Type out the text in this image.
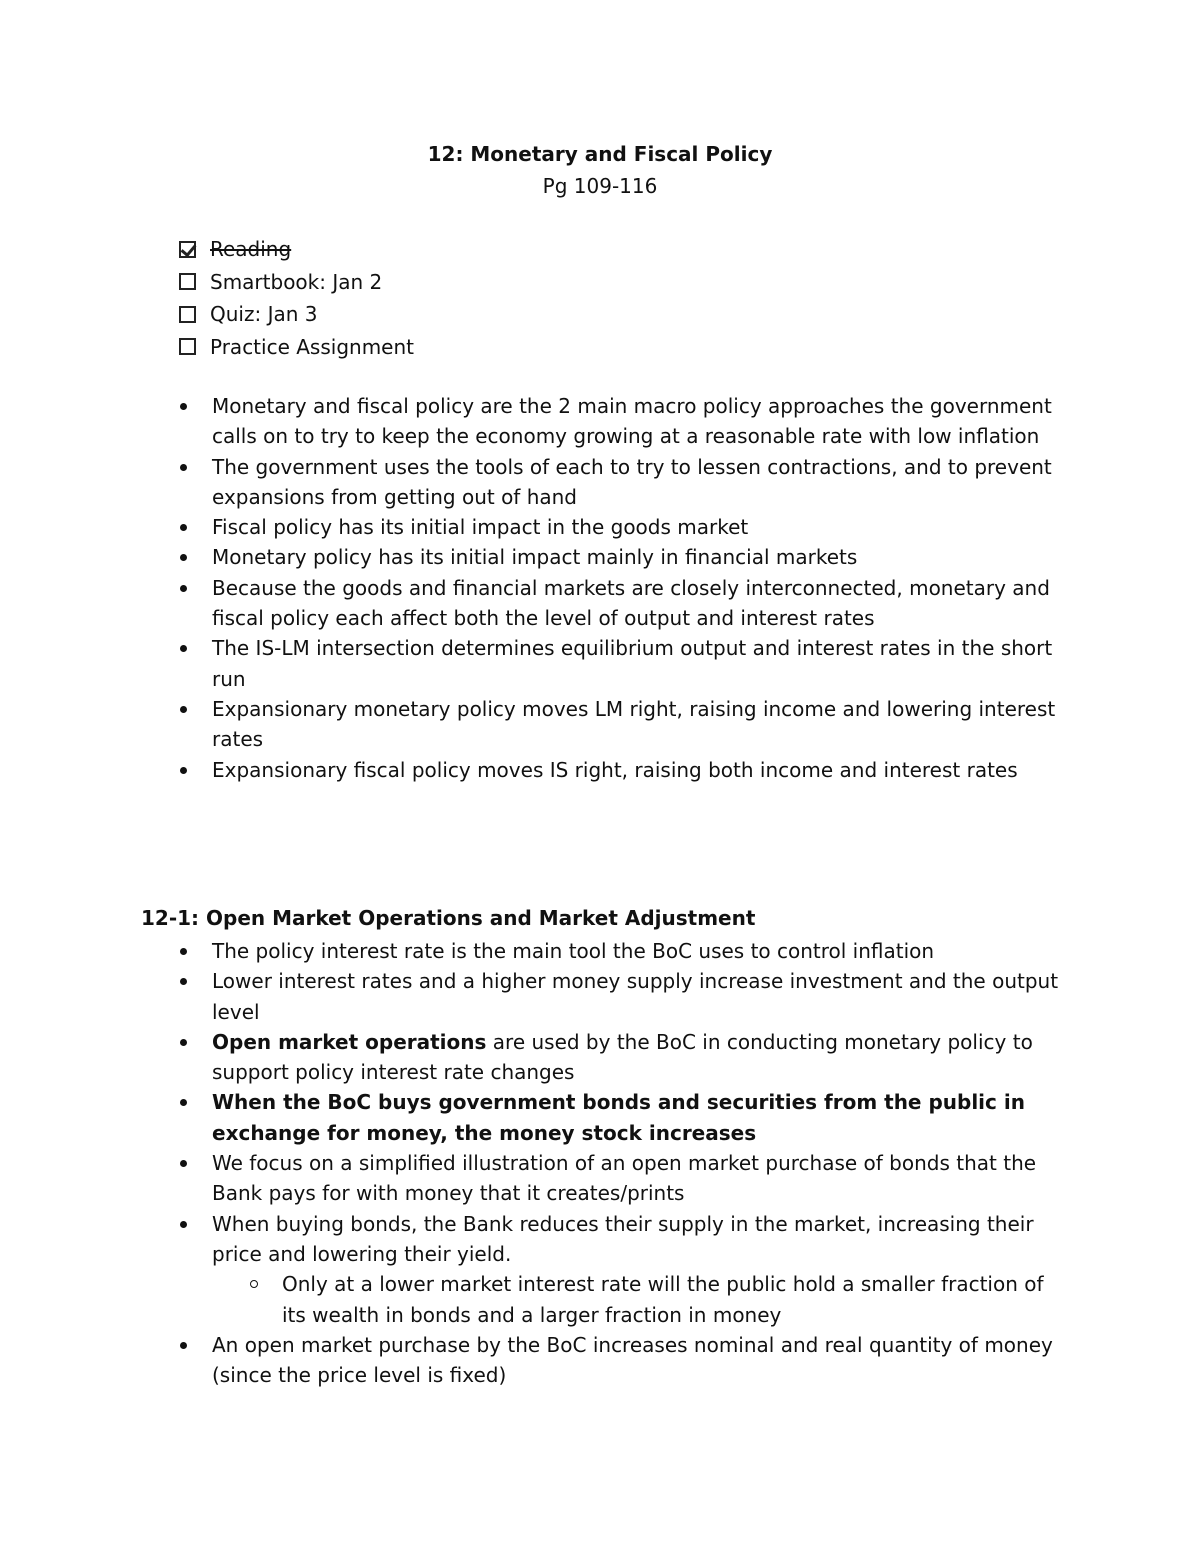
12: Monetary and Fiscal Policy
Pg 109-116
Reading
Smartbook: Jan 2
Quiz: Jan 3
Practice Assignment
Monetary and fiscal policy are the 2 main macro policy approaches the government calls on to try to keep the economy growing at a reasonable rate with low inflation
The government uses the tools of each to try to lessen contractions, and to prevent expansions from getting out of hand
Fiscal policy has its initial impact in the goods market
Monetary policy has its initial impact mainly in financial markets
Because the goods and financial markets are closely interconnected, monetary and fiscal policy each affect both the level of output and interest rates
The IS-LM intersection determines equilibrium output and interest rates in the short run
Expansionary monetary policy moves LM right, raising income and lowering interest rates
Expansionary fiscal policy moves IS right, raising both income and interest rates
12-1: Open Market Operations and Market Adjustment
The policy interest rate is the main tool the BoC uses to control inflation
Lower interest rates and a higher money supply increase investment and the output level
Open market operations are used by the BoC in conducting monetary policy to support policy interest rate changes
When the BoC buys government bonds and securities from the public in exchange for money, the money stock increases
We focus on a simplified illustration of an open market purchase of bonds that the Bank pays for with money that it creates/prints
When buying bonds, the Bank reduces their supply in the market, increasing their price and lowering their yield.
Only at a lower market interest rate will the public hold a smaller fraction of its wealth in bonds and a larger fraction in money
An open market purchase by the BoC increases nominal and real quantity of money (since the price level is fixed)
